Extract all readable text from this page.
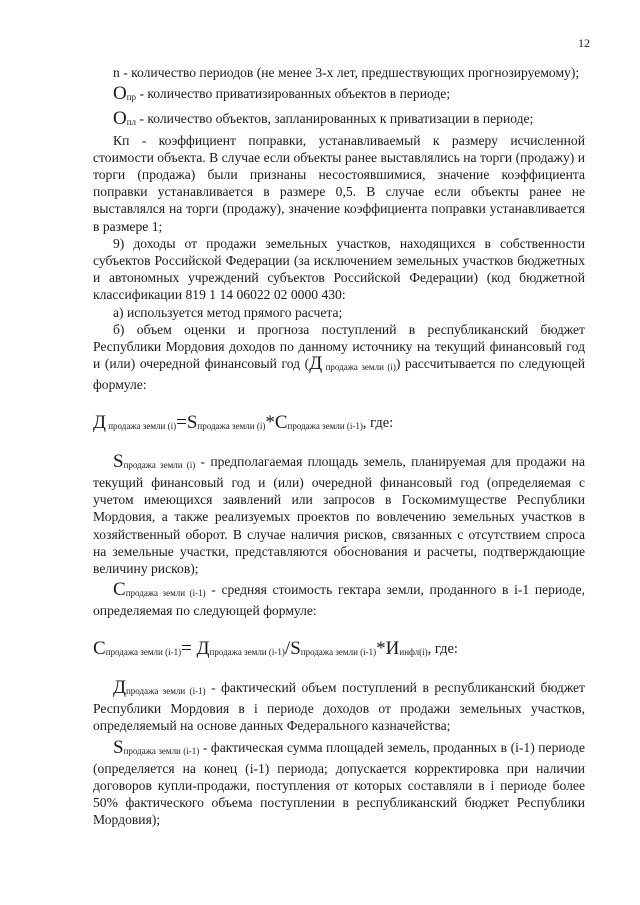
12

n - количество периодов (не менее 3-х лет, предшествующих прогнозируемому);

$О_{пр}$ - количество приватизированных объектов в периоде;

$О_{пл}$ - количество объектов, запланированных к приватизации в периоде;

Кп - коэффициент поправки, устанавливаемый к размеру исчисленной стоимости объекта. В случае если объекты ранее выставлялись на торги (продажу) и торги (продажа) были признаны несостоявшимися, значение коэффициента поправки устанавливается в размере 0,5. В случае если объекты ранее не выставлялся на торги (продажу), значение коэффициента поправки устанавливается в размере 1;

9) доходы от продажи земельных участков, находящихся в собственности субъектов Российской Федерации (за исключением земельных участков бюджетных и автономных учреждений субъектов Российской Федерации) (код бюджетной классификации 819 1 14 06022 02 0000 430:

а) используется метод прямого расчета;

б) объем оценки и прогноза поступлений в республиканский бюджет Республики Мордовия доходов по данному источнику на текущий финансовый год и (или) очередной финансовый год (Д $_{продажа земли (i)}$) рассчитывается по следующей формуле:

Д $_{продажа земли (i)}=S_{продажа земли (i)}*С_{продажа земли (i-1)}$, где:

$S_{продажа земли (i)}$ - предполагаемая площадь земель, планируемая для продажи на текущий финансовый год и (или) очередной финансовый год (определяемая с учетом имеющихся заявлений или запросов в Госкомимуществе Республики Мордовия, а также реализуемых проектов по вовлечению земельных участков в хозяйственный оборот. В случае наличия рисков, связанных с отсутствием спроса на земельные участки, представляются обоснования и расчеты, подтверждающие величину рисков);

$С_{продажа земли (i-1)}$ - средняя стоимость гектара земли, проданного в i-1 периоде, определяемая по следующей формуле:

$С_{продажа земли (i-1)}= Д_{продажа земли (i-1)}/S_{продажа земли (i-1)}*И_{инфл(i)}$, где:

$Д_{продажа земли (i-1)}$ - фактический объем поступлений в республиканский бюджет Республики Мордовия в i периоде доходов от продажи земельных участков, определяемый на основе данных Федерального казначейства;

$S_{продажа земли (i-1)}$ - фактическая сумма площадей земель, проданных в (i-1) периоде (определяется на конец (i-1) периода; допускается корректировка при наличии договоров купли-продажи, поступления от которых составляли в i периоде более 50% фактического объема поступлении в республиканский бюджет Республики Мордовия);
